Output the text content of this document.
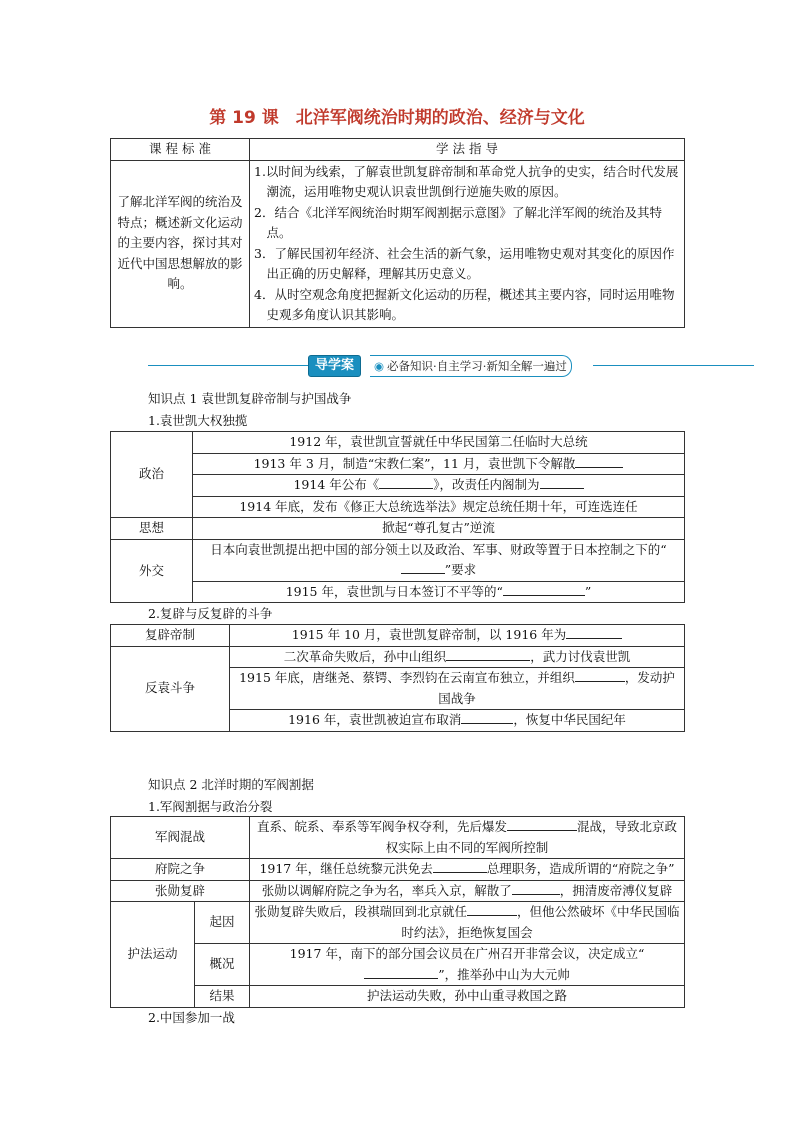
第 19 课　北洋军阀统治时期的政治、经济与文化
课 程 标 准	学 法 指 导
了解北洋军阀的统治及特点；概述新文化运动的主要内容，探讨其对近代中国思想解放的影响。	1.以时间为线索，了解袁世凯复辟帝制和革命党人抗争的史实，结合时代发展潮流，运用唯物史观认识袁世凯倒行逆施失败的原因。
2．结合《北洋军阀统治时期军阀割据示意图》了解北洋军阀的统治及其特点。
3．了解民国初年经济、社会生活的新气象，运用唯物史观对其变化的原因作出正确的历史解释，理解其历史意义。
4．从时空观念角度把握新文化运动的历程，概述其主要内容，同时运用唯物史观多角度认识其影响。
导学案	◉ 必备知识·自主学习·新知全解一遍过
知识点 1 袁世凯复辟帝制与护国战争
1.袁世凯大权独揽
政治	1912 年，袁世凯宣誓就任中华民国第二任临时大总统
	1913 年 3 月，制造“宋教仁案”，11 月，袁世凯下令解散
	1914 年公布《 》，改责任内阁制为
	1914 年底，发布《修正大总统选举法》规定总统任期十年，可连选连任
思想	掀起“尊孔复古”逆流
外交	日本向袁世凯提出把中国的部分领土以及政治、军事、财政等置于日本控制之下的“”要求
	1915 年，袁世凯与日本签订不平等的“ ”
2.复辟与反复辟的斗争
复辟帝制	1915 年 10 月，袁世凯复辟帝制，以 1916 年为
反袁斗争	二次革命失败后，孙中山组织 ，武力讨伐袁世凯
	1915 年底，唐继尧、蔡锷、李烈钧在云南宣布独立，并组织 ，发动护国战争
	1916 年，袁世凯被迫宣布取消 ，恢复中华民国纪年
知识点 2 北洋时期的军阀割据
1.军阀割据与政治分裂
军阀混战		直系、皖系、奉系等军阀争权夺利，先后爆发 混战，导致北京政权实际上由不同的军阀所控制
府院之争		1917 年，继任总统黎元洪免去 总理职务，造成所谓的“府院之争”
张勋复辟		张勋以调解府院之争为名，率兵入京，解散了 ，拥清废帝溥仪复辟
护法运动	起因	张勋复辟失败后，段祺瑞回到北京就任 ，但他公然破坏《中华民国临时约法》，拒绝恢复国会
	概况	1917 年，南下的部分国会议员在广州召开非常会议，决定成立“”，推举孙中山为大元帅
	结果	护法运动失败，孙中山重寻救国之路
2.中国参加一战
